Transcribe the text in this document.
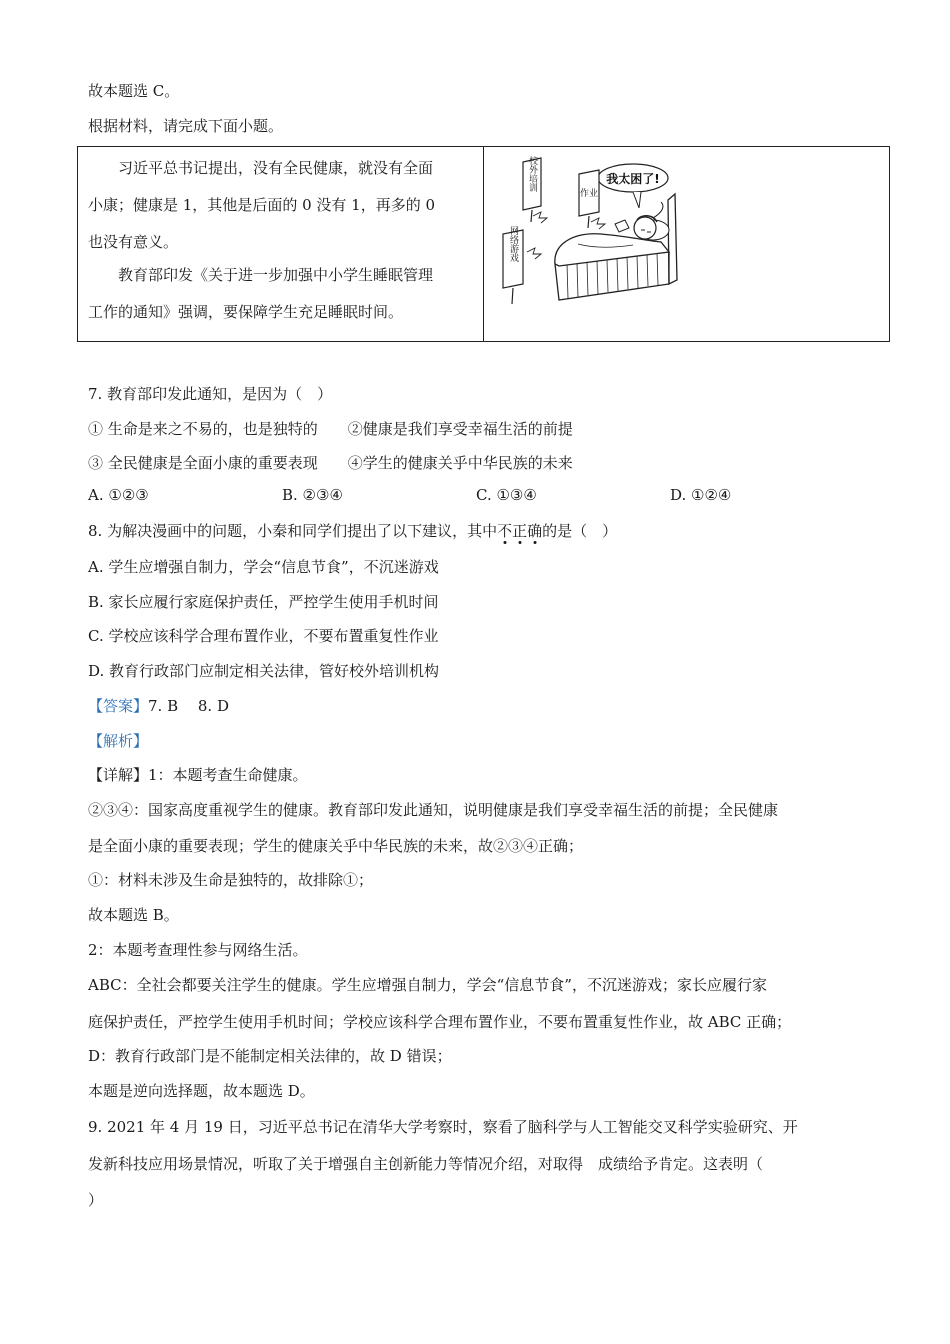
故本题选 C。
根据材料，请完成下面小题。
习近平总书记提出，没有全民健康，就没有全面
小康；健康是 1，其他是后面的 0 没有 1，再多的 0
也没有意义。
教育部印发《关于进一步加强中小学生睡眠管理
工作的通知》强调，要保障学生充足睡眠时间。
我太困了!
校外培训
作业
网络游戏
7. 教育部印发此通知，是因为（　）
① 生命是来之不易的，也是独特的　　②健康是我们享受幸福生活的前提
③ 全民健康是全面小康的重要表现　　④学生的健康关乎中华民族的未来
A. ①②③	B. ②③④	C. ①③④	D. ①②④
8. 为解决漫画中的问题，小秦和同学们提出了以下建议，其中不
正
确
的是（　）
A. 学生应增强自制力，学会“信息节食”，不沉迷游戏
B. 家长应履行家庭保护责任，严控学生使用手机时间
C. 学校应该科学合理布置作业，不要布置重复性作业
D. 教育行政部门应制定相关法律，管好校外培训机构
【答案】7. B　 8. D
【解析】
【详解】1：本题考查生命健康。
②③④：国家高度重视学生的健康。教育部印发此通知，说明健康是我们享受幸福生活的前提；全民健康
是全面小康的重要表现；学生的健康关乎中华民族的未来，故②③④正确；
①：材料未涉及生命是独特的，故排除①；
故本题选 B。
2：本题考查理性参与网络生活。
ABC：全社会都要关注学生的健康。学生应增强自制力，学会“信息节食”，不沉迷游戏；家长应履行家
庭保护责任，严控学生使用手机时间；学校应该科学合理布置作业，不要布置重复性作业，故 ABC 正确；
D：教育行政部门是不能制定相关法律的，故 D 错误；
本题是逆向选择题，故本题选 D。
9. 2021 年 4 月 19 日，习近平总书记在清华大学考察时，察看了脑科学与人工智能交叉科学实验研究、开
发新科技应用场景情况，听取了关于增强自主创新能力等情况介绍，对取得　成绩给予肯定。这表明（
）
